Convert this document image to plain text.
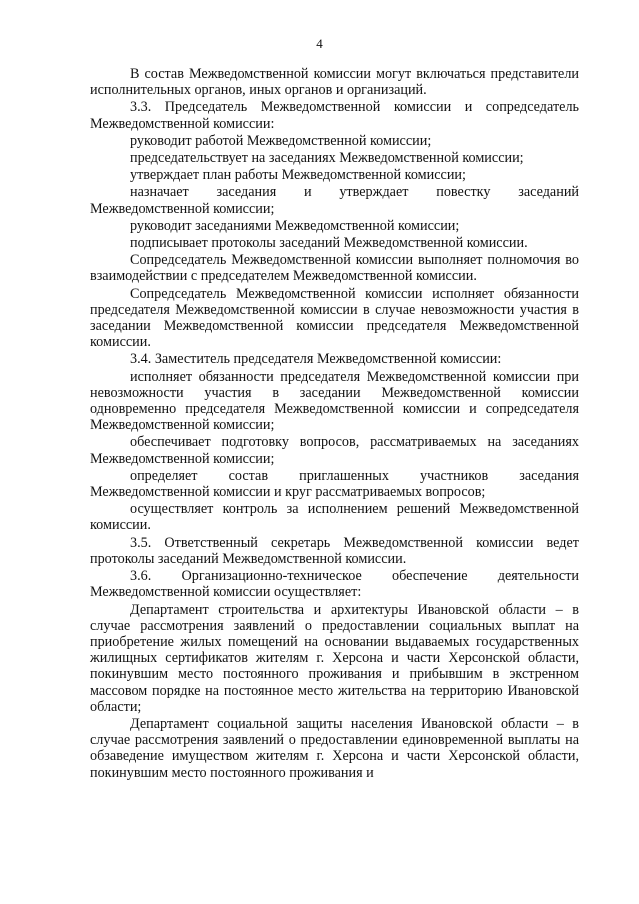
4

В состав Межведомственной комиссии могут включаться представители исполнительных органов, иных органов и организаций.

3.3. Председатель Межведомственной комиссии и сопредседатель Межведомственной комиссии:

руководит работой Межведомственной комиссии;

председательствует на заседаниях Межведомственной комиссии;

утверждает план работы Межведомственной комиссии;

назначает заседания и утверждает повестку заседаний Межведомственной комиссии;

руководит заседаниями Межведомственной комиссии;

подписывает протоколы заседаний Межведомственной комиссии.

Сопредседатель Межведомственной комиссии выполняет полномочия во взаимодействии с председателем Межведомственной комиссии.

Сопредседатель Межведомственной комиссии исполняет обязанности председателя Межведомственной комиссии в случае невозможности участия в заседании Межведомственной комиссии председателя Межведомственной комиссии.

3.4. Заместитель председателя Межведомственной комиссии:

исполняет обязанности председателя Межведомственной комиссии при невозможности участия в заседании Межведомственной комиссии одновременно председателя Межведомственной комиссии и сопредседателя Межведомственной комиссии;

обеспечивает подготовку вопросов, рассматриваемых на заседаниях Межведомственной комиссии;

определяет состав приглашенных участников заседания Межведомственной комиссии и круг рассматриваемых вопросов;

осуществляет контроль за исполнением решений Межведомственной комиссии.

3.5. Ответственный секретарь Межведомственной комиссии ведет протоколы заседаний Межведомственной комиссии.

3.6. Организационно-техническое обеспечение деятельности Межведомственной комиссии осуществляет:

Департамент строительства и архитектуры Ивановской области – в случае рассмотрения заявлений о предоставлении социальных выплат на приобретение жилых помещений на основании выдаваемых государственных жилищных сертификатов жителям г. Херсона и части Херсонской области, покинувшим место постоянного проживания и прибывшим в экстренном массовом порядке на постоянное место жительства на территорию Ивановской области;

Департамент социальной защиты населения Ивановской области – в случае рассмотрения заявлений о предоставлении единовременной выплаты на обзаведение имуществом жителям г. Херсона и части Херсонской области, покинувшим место постоянного проживания и
